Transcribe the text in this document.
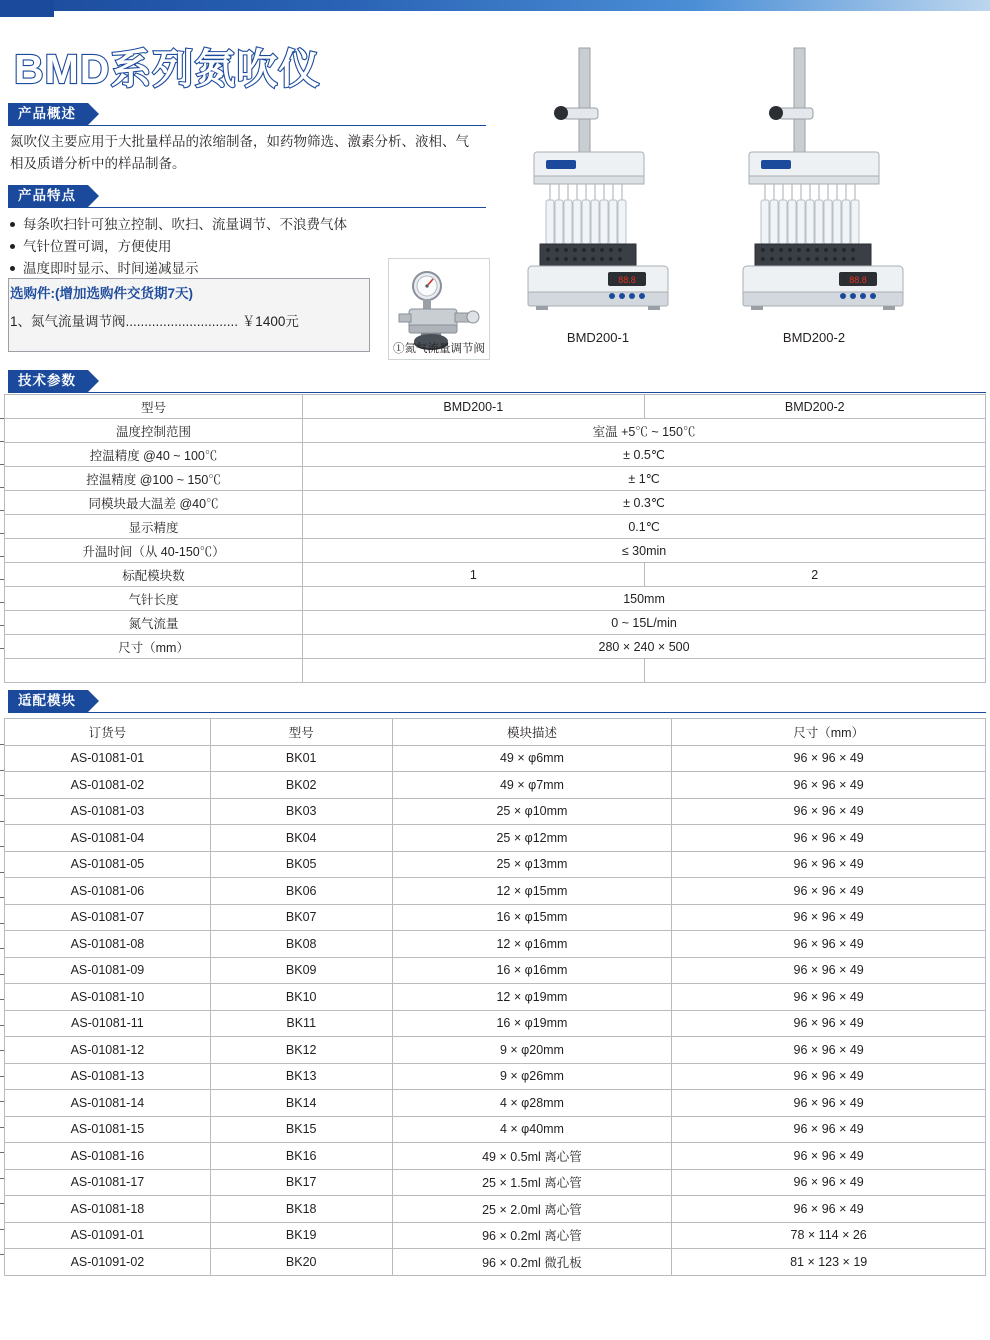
BMD系列氮吹仪
产品概述
氮吹仪主要应用于大批量样品的浓缩制备，如药物筛选、激素分析、液相、气相及质谱分析中的样品制备。
产品特点
每条吹扫针可独立控制、吹扫、流量调节、不浪费气体
气针位置可调，方便使用
温度即时显示、时间递减显示
选购件:(增加选购件交货期7天)
1、氮气流量调节阀.............................. ￥1400元
①氮气流量调节阀
88.8	88.8
BMD200-1	BMD200-2
技术参数
型号	BMD200-1	BMD200-2
温度控制范围	室温 +5℃ ~ 150℃	
控温精度 @40 ~ 100℃	± 0.5℃	
控温精度 @100 ~ 150℃	± 1℃	
同模块最大温差 @40℃	± 0.3℃	
显示精度	0.1℃	
升温时间（从 40-150℃）	≤ 30min	
标配模块数	1	2
气针长度	150mm	
氮气流量	0 ~ 15L/min	
尺寸（mm）	280 × 240 × 500	

适配模块
订货号	型号	模块描述	尺寸（mm）
AS-01081-01	BK01	49 × φ6mm	96 × 96 × 49
AS-01081-02	BK02	49 × φ7mm	96 × 96 × 49
AS-01081-03	BK03	25 × φ10mm	96 × 96 × 49
AS-01081-04	BK04	25 × φ12mm	96 × 96 × 49
AS-01081-05	BK05	25 × φ13mm	96 × 96 × 49
AS-01081-06	BK06	12 × φ15mm	96 × 96 × 49
AS-01081-07	BK07	16 × φ15mm	96 × 96 × 49
AS-01081-08	BK08	12 × φ16mm	96 × 96 × 49
AS-01081-09	BK09	16 × φ16mm	96 × 96 × 49
AS-01081-10	BK10	12 × φ19mm	96 × 96 × 49
AS-01081-11	BK11	16 × φ19mm	96 × 96 × 49
AS-01081-12	BK12	9 × φ20mm	96 × 96 × 49
AS-01081-13	BK13	9 × φ26mm	96 × 96 × 49
AS-01081-14	BK14	4 × φ28mm	96 × 96 × 49
AS-01081-15	BK15	4 × φ40mm	96 × 96 × 49
AS-01081-16	BK16	49 × 0.5ml 离心管	96 × 96 × 49
AS-01081-17	BK17	25 × 1.5ml 离心管	96 × 96 × 49
AS-01081-18	BK18	25 × 2.0ml 离心管	96 × 96 × 49
AS-01091-01	BK19	96 × 0.2ml 离心管	78 × 114 × 26
AS-01091-02	BK20	96 × 0.2ml 微孔板	81 × 123 × 19
